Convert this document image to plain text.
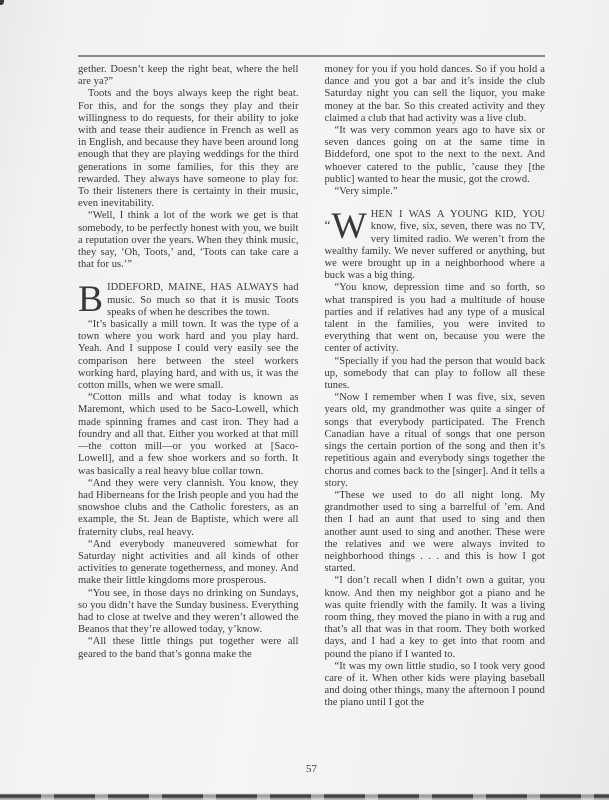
gether. Doesn’t keep the right beat, where the hell are ya?”

Toots and the boys always keep the right beat. For this, and for the songs they play and their willingness to do requests, for their ability to joke with and tease their audience in French as well as in English, and because they have been around long enough that they are playing weddings for the third generations in some families, for this they are rewarded. They always have someone to play for. To their listeners there is certainty in their music, even inevitability.

“Well, I think a lot of the work we get is that somebody, to be perfectly honest with you, we built a reputation over the years. When they think music, they say, ‘Oh, Toots,’ and, ‘Toots can take care a that for us.’”

BIDDEFORD, MAINE, HAS ALWAYS had music. So much so that it is music Toots speaks of when he describes the town.

“It’s basically a mill town. It was the type of a town where you work hard and you play hard. Yeah. And I suppose I could very easily see the comparison here between the steel workers working hard, playing hard, and with us, it was the cotton mills, when we were small.

“Cotton mills and what today is known as Maremont, which used to be Saco-Lowell, which made spinning frames and cast iron. They had a foundry and all that. Either you worked at that mill—the cotton mill—or you worked at [Saco-Lowell], and a few shoe workers and so forth. It was basically a real heavy blue collar town.

“And they were very clannish. You know, they had Hiberneans for the Irish people and you had the snowshoe clubs and the Catholic foresters, as an example, the St. Jean de Baptiste, which were all fraternity clubs, real heavy.

“And everybody maneuvered somewhat for Saturday night activities and all kinds of other activities to generate togetherness, and money. And make their little kingdoms more prosperous.

“You see, in those days no drinking on Sundays, so you didn’t have the Sunday business. Everything had to close at twelve and they weren’t allowed the Beanos that they’re allowed today, y’know.

“All these little things put together were all geared to the band that’s gonna make the

money for you if you hold dances. So if you hold a dance and you got a bar and it’s inside the club Saturday night you can sell the liquor, you make money at the bar. So this created activity and they claimed a club that had activity was a live club.

“It was very common years ago to have six or seven dances going on at the same time in Biddeford, one spot to the next to the next. And whoever catered to the public, ’cause they [the public] wanted to hear the music, got the crowd.

“Very simple.”

“W HEN I WAS A YOUNG KID, YOU know, five, six, seven, there was no TV, very limited radio. We weren’t from the wealthy family. We never suffered or anything, but we were brought up in a neighborhood where a buck was a big thing.

“You know, depression time and so forth, so what transpired is you had a multitude of house parties and if relatives had any type of a musical talent in the families, you were invited to everything that went on, because you were the center of activity.

“Specially if you had the person that would back up, somebody that can play to follow all these tunes.

“Now I remember when I was five, six, seven years old, my grandmother was quite a singer of songs that everybody participated. The French Canadian have a ritual of songs that one person sings the certain portion of the song and then it’s repetitious again and everybody sings together the chorus and comes back to the [singer]. And it tells a story.

“These we used to do all night long. My grandmother used to sing a barrelful of ’em. And then I had an aunt that used to sing and then another aunt used to sing and another. These were the relatives and we were always invited to neighborhood things . . . and this is how I got started.

“I don’t recall when I didn’t own a guitar, you know. And then my neighbor got a piano and he was quite friendly with the family. It was a living room thing, they moved the piano in with a rug and that’s all that was in that room. They both worked days, and I had a key to get into that room and pound the piano if I wanted to.

“It was my own little studio, so I took very good care of it. When other kids were playing baseball and doing other things, many the afternoon I pound the piano until I got the

57
